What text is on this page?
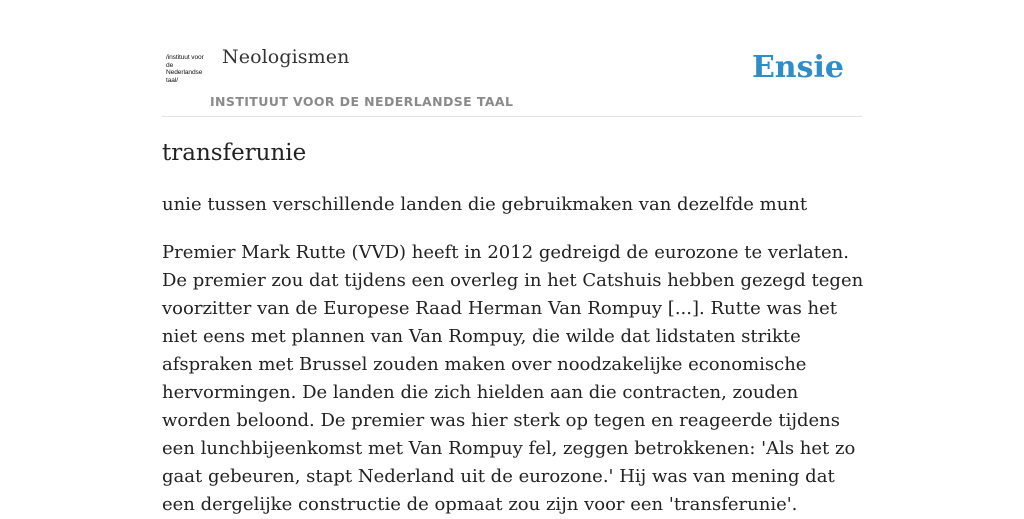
/instituut voor de Nederlandse taal/
Neologismen
INSTITUUT VOOR DE NEDERLANDSE TAAL
Ensie
transferunie

unie tussen verschillende landen die gebruikmaken van dezelfde munt

Premier Mark Rutte (VVD) heeft in 2012 gedreigd de eurozone te verlaten. De premier zou dat tijdens een overleg in het Catshuis hebben gezegd tegen voorzitter van de Europese Raad Herman Van Rompuy [...]. Rutte was het niet eens met plannen van Van Rompuy, die wilde dat lidstaten strikte afspraken met Brussel zouden maken over noodzakelijke economische hervormingen. De landen die zich hielden aan die contracten, zouden worden beloond. De premier was hier sterk op tegen en reageerde tijdens een lunchbijeenkomst met Van Rompuy fel, zeggen betrokkenen: 'Als het zo gaat gebeuren, stapt Nederland uit de eurozone.' Hij was van mening dat een dergelijke constructie de opmaat zou zijn voor een 'transferunie'.
